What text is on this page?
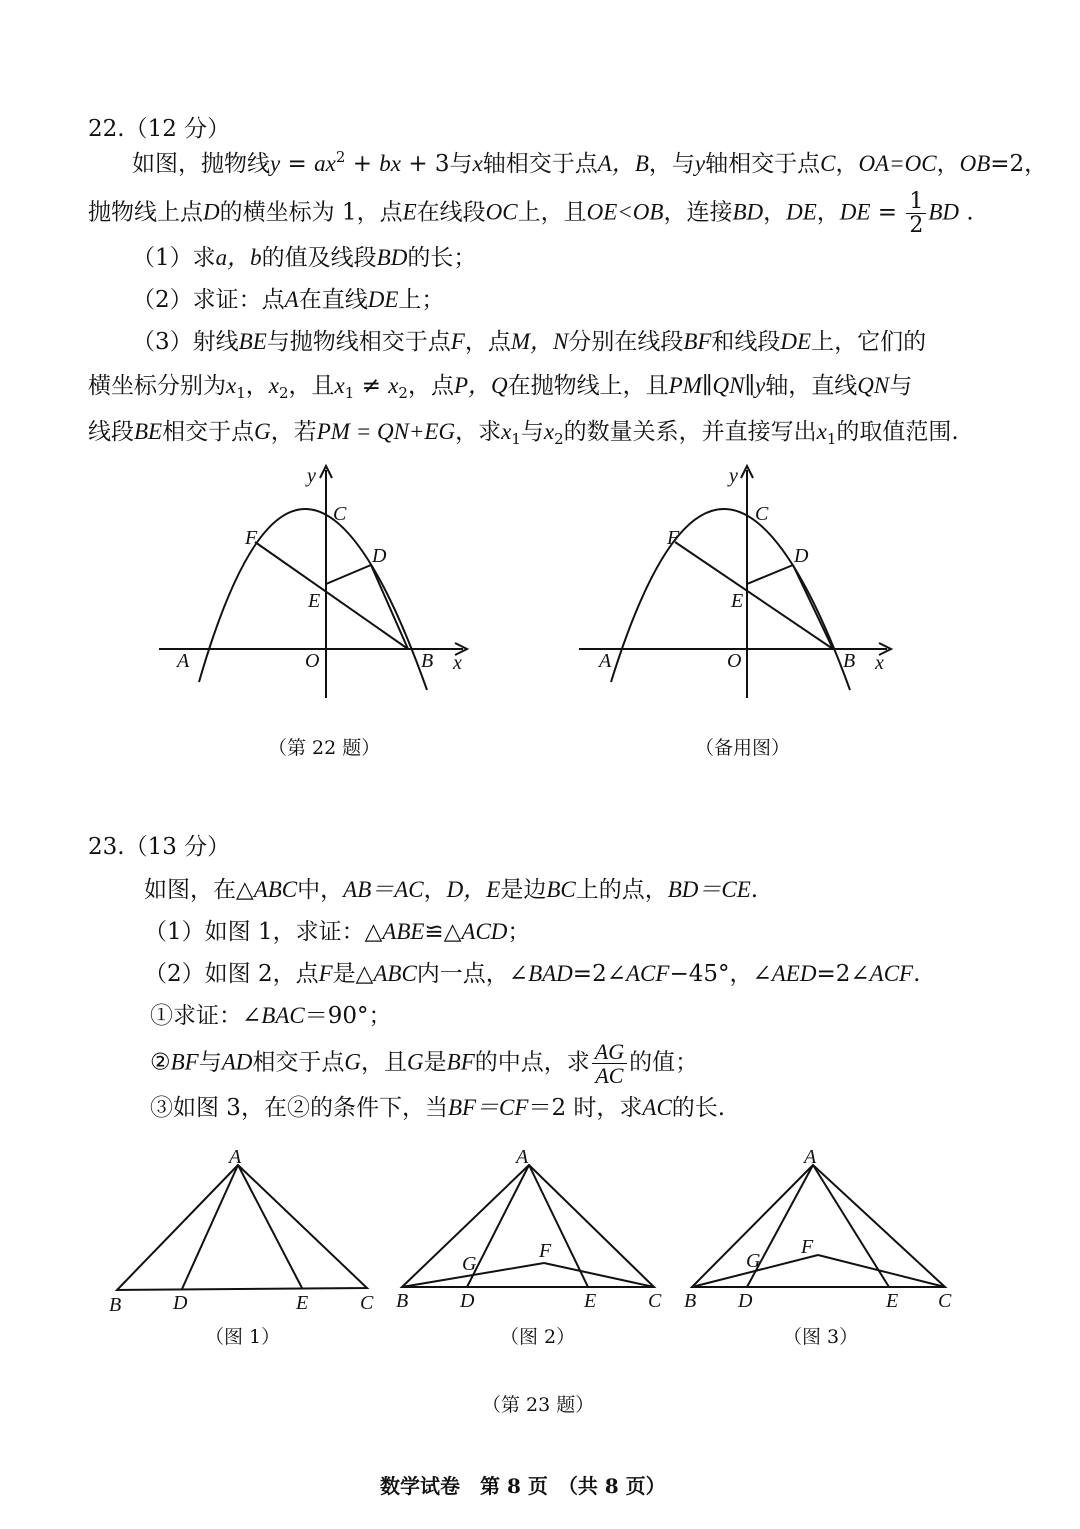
22.（12 分）
如图，抛物线$y = ax^2$ + bx + 3与x轴相交于点A，B，与y轴相交于点C，OA=OC，OB=2，
抛物线上点D的横坐标为 1，点E在线段OC上，且OE<OB，连接BD，DE，DE = $\frac{1}{2}$ BD .
（1）求a，b的值及线段BD的长；
（2）求证：点A在直线DE上；
（3）射线BE与抛物线相交于点F，点M，N分别在线段BF和线段DE上，它们的
横坐标分别为$x_1$，$x_2$，且$x_1 \ne x_2$，点P，Q在抛物线上，且PM∥QN∥y轴，直线QN与
线段BE相交于点G，若PM = QN+EG，求$x_1$与$x_2$的数量关系，并直接写出$x_1$的取值范围.
y
C
F
D
E
A	O	B x
（第 22 题）
y
C
F
D
E
A	O	B x
（备用图）
23.（13 分）
如图，在△ABC中，AB＝AC，D，E是边BC上的点，BD＝CE.
（1）如图 1，求证：△ABE≌△ACD；
（2）如图 2，点F是△ABC内一点，∠BAD=2∠ACF−45°，∠AED=2∠ACF.
①求证：∠BAC＝90°；
②BF与AD相交于点G，且G是BF的中点，求 $\frac{AG}{AC}$ 的值；
③如图 3，在②的条件下，当BF＝CF＝2 时，求AC的长.
A
B	D	E	C
（图 1）
A
G
F
B	D	E	C
（图 2）
A
G
F
B D	E C
（图 3）
（第 23 题）
数学试卷　第 8 页　（共 8 页）
